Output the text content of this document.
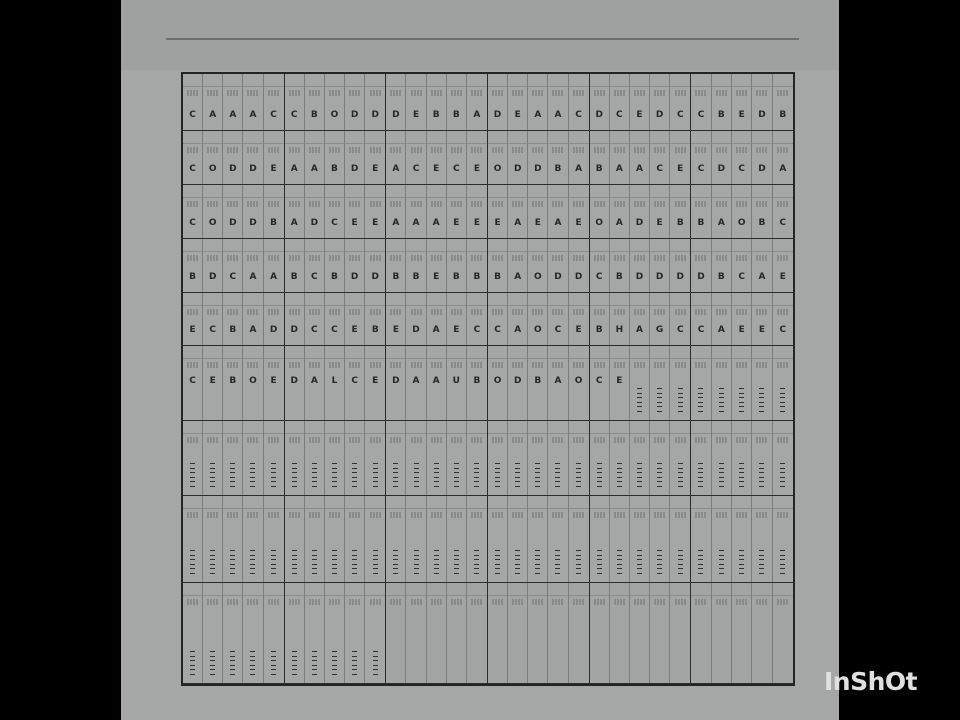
C	A	A	A	C	C	B	O	D	D	D	E	B	B	A	D	E	A	A	C	D	C	E	D	C	C	B	E	D	B
C	O	D	D	E	A	A	B	D	E	A	C	E	C	E	O	D	D	B	A	B	A	A	C	E	C	D	C	D	A
C	O	D	D	B	A	D	C	E	E	A	A	A	E	E	E	A	E	A	E	O	A	D	E	B	B	A	O	B	C
B	D	C	A	A	B	C	B	D	D	B	B	E	B	B	B	A	O	D	D	C	B	D	D	D	D	B	C	A	E
E	C	B	A	D	D	C	C	E	B	E	D	A	E	C	C	A	O	C	E	B	H	A	G	C	C	A	E	E	C
C	E	B	O	E	D	A	L	C	E	D	A	A	U	B	O	D	B	A	O	C	E
InShOt
